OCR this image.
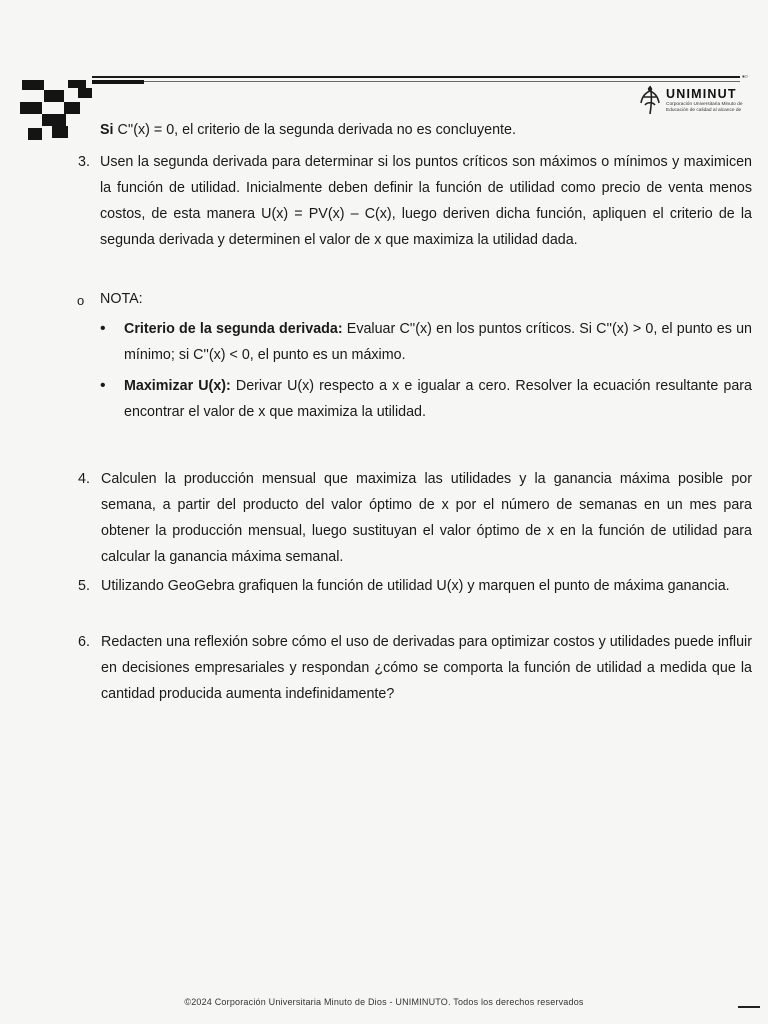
▪▫
UNIMINUT
Corporación Universitaria Minuto de
Educación de calidad al alcance de
Si C''(x) = 0, el criterio de la segunda derivada no es concluyente.
3. Usen la segunda derivada para determinar si los puntos críticos son máximos o mínimos y maximicen la función de utilidad. Inicialmente deben definir la función de utilidad como precio de venta menos costos, de esta manera U(x) = PV(x) – C(x), luego deriven dicha función, apliquen el criterio de la segunda derivada y determinen el valor de x que maximiza la utilidad dada.
o NOTA:
• Criterio de la segunda derivada: Evaluar C''(x) en los puntos críticos. Si C''(x) > 0, el punto es un mínimo; si C''(x) < 0, el punto es un máximo.
• Maximizar U(x): Derivar U(x) respecto a x e igualar a cero. Resolver la ecuación resultante para encontrar el valor de x que maximiza la utilidad.
4. Calculen la producción mensual que maximiza las utilidades y la ganancia máxima posible por semana, a partir del producto del valor óptimo de x por el número de semanas en un mes para obtener la producción mensual, luego sustituyan el valor óptimo de x en la función de utilidad para calcular la ganancia máxima semanal.
5. Utilizando GeoGebra grafiquen la función de utilidad U(x) y marquen el punto de máxima ganancia.
6. Redacten una reflexión sobre cómo el uso de derivadas para optimizar costos y utilidades puede influir en decisiones empresariales y respondan ¿cómo se comporta la función de utilidad a medida que la cantidad producida aumenta indefinidamente?
©2024 Corporación Universitaria Minuto de Dios - UNIMINUTO. Todos los derechos reservados
